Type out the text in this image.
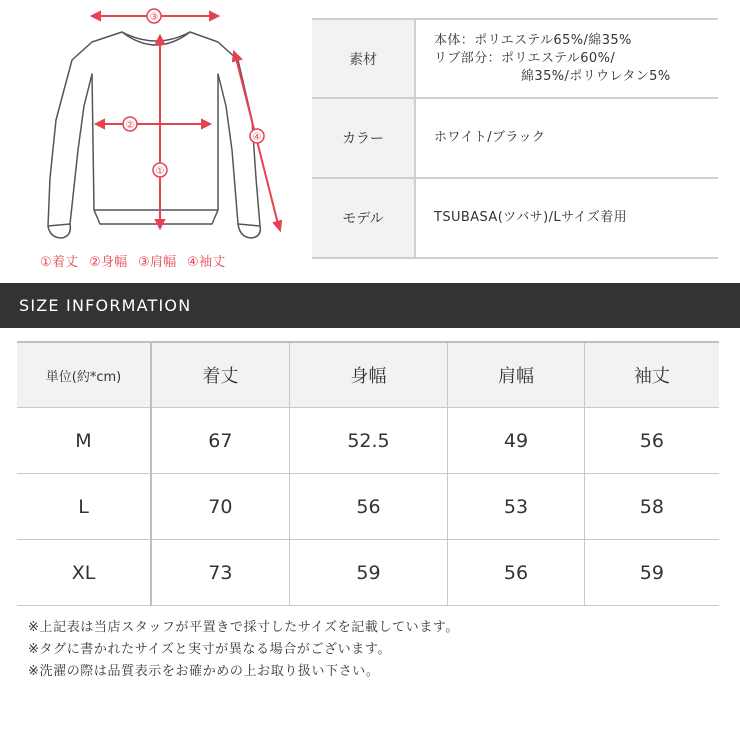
③
②
①
④
①着丈 ②身幅 ③肩幅 ④袖丈
素材	本体：ポリエステル65%/綿35%
リブ部分：ポリエステル60%/
綿35%/ポリウレタン5%

カラー	ホワイト/ブラック
モデル	TSUBASA(ツバサ)/Lサイズ着用
SIZE INFORMATION
単位(約*cm)	着丈	身幅	肩幅	袖丈
M	67	52.5	49	56
L	70	56	53	58
XL	73	59	56	59
※上記表は当店スタッフが平置きで採寸したサイズを記載しています。
※タグに書かれたサイズと実寸が異なる場合がございます。
※洗濯の際は品質表示をお確かめの上お取り扱い下さい。
